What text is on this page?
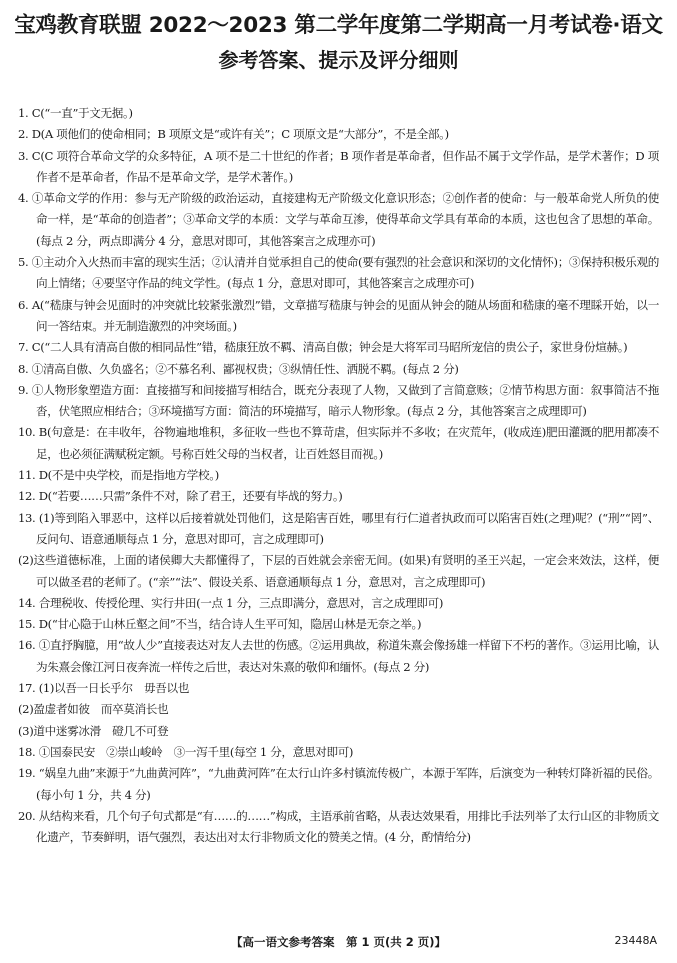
宝鸡教育联盟 2022～2023 第二学年度第二学期高一月考试卷·语文
参考答案、提示及评分细则
1. C(“一直”于文无据。)
2. D(A 项他们的使命相同；B 项原文是“或许有关”；C 项原文是“大部分”，不是全部。)
3. C(C 项符合革命文学的众多特征，A 项不是二十世纪的作者；B 项作者是革命者，但作品不属于文学作品，是学术著作；D 项作者不是革命者，作品不是革命文学，是学术著作。)
4. ①革命文学的作用：参与无产阶级的政治运动，直接建构无产阶级文化意识形态；②创作者的使命：与一般革命党人所负的使命一样，是“革命的创造者”；③革命文学的本质：文学与革命互渗，使得革命文学具有革命的本质，这也包含了思想的革命。(每点 2 分，两点即满分 4 分，意思对即可，其他答案言之成理亦可)
5. ①主动介入火热而丰富的现实生活；②认清并自觉承担自己的使命(要有强烈的社会意识和深切的文化情怀)；③保持积极乐观的向上情绪；④要坚守作品的纯文学性。(每点 1 分，意思对即可，其他答案言之成理亦可)
6. A(“嵇康与钟会见面时的冲突就比较紧张激烈”错，文章描写嵇康与钟会的见面从钟会的随从场面和嵇康的毫不理睬开始，以一问一答结束。并无制造激烈的冲突场面。)
7. C(“二人具有清高自傲的相同品性”错，嵇康狂放不羁、清高自傲；钟会是大将军司马昭所宠信的贵公子，家世身份煊赫。)
8. ①清高自傲、久负盛名；②不慕名利、鄙视权贵；③纵情任性、洒脱不羁。(每点 2 分)
9. ①人物形象塑造方面：直接描写和间接描写相结合，既充分表现了人物，又做到了言简意赅；②情节构思方面：叙事简洁不拖沓，伏笔照应相结合；③环境描写方面：简洁的环境描写，暗示人物形象。(每点 2 分，其他答案言之成理即可)
10. B(句意是：在丰收年，谷物遍地堆积，多征收一些也不算苛虐，但实际并不多收；在灾荒年，(收成连)肥田灌溉的肥用都凑不足，也必须征满赋税定额。号称百姓父母的当权者，让百姓怒目而视。)
11. D(不是中央学校，而是指地方学校。)
12. D(“若要……只需”条件不对，除了君王，还要有毕战的努力。)
13. (1)等到陷入罪恶中，这样以后接着就处罚他们，这是陷害百姓，哪里有行仁道者执政而可以陷害百姓(之理)呢？(“刑”“罔”、反问句、语意通顺每点 1 分，意思对即可，言之成理即可)
(2)这些道德标准，上面的诸侯卿大夫都懂得了，下层的百姓就会亲密无间。(如果)有贤明的圣王兴起，一定会来效法，这样，便可以做圣君的老师了。(“亲”“法”、假设关系、语意通顺每点 1 分，意思对，言之成理即可)
14. 合理税收、传授伦理、实行井田(一点 1 分，三点即满分，意思对，言之成理即可)
15. D(“甘心隐于山林丘壑之间”不当，结合诗人生平可知，隐居山林是无奈之举。)
16. ①直抒胸臆，用“故人少”直接表达对友人去世的伤感。②运用典故，称道朱熹会像扬雄一样留下不朽的著作。③运用比喻，认为朱熹会像江河日夜奔流一样传之后世，表达对朱熹的敬仰和缅怀。(每点 2 分)
17. (1)以吾一日长乎尔　毋吾以也
(2)盈虚者如彼　而卒莫消长也
(3)道中迷雾冰滑　磴几不可登
18. ①国泰民安　②崇山峻岭　③一泻千里(每空 1 分，意思对即可)
19. “娲皇九曲”来源于“九曲黄河阵”，“九曲黄河阵”在太行山许多村镇流传极广，本源于军阵，后演变为一种转灯降祈福的民俗。(每小句 1 分，共 4 分)
20. 从结构来看，几个句子句式都是“有……的……”构成，主语承前省略，从表达效果看，用排比手法列举了太行山区的非物质文化遗产，节奏鲜明，语气强烈，表达出对太行非物质文化的赞美之情。(4 分，酌情给分)
【高一语文参考答案　第 1 页(共 2 页)】	23448A
